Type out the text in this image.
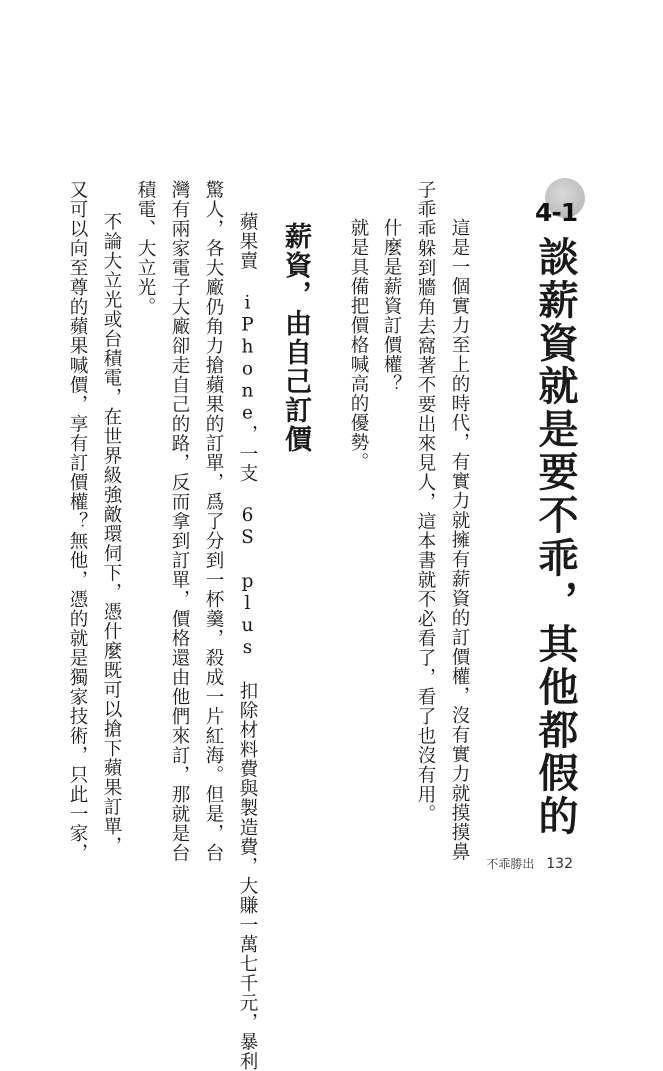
4-1
談薪資就是要不乖，其他都假的
這是一個實力至上的時代，有實力就擁有薪資的訂價權，沒有實力就摸摸鼻
子乖乖躲到牆角去窩著不要出來見人，這本書就不必看了，看了也沒有用。
什麼是薪資訂價權？
就是具備把價格喊高的優勢。
薪資，由自己訂價
蘋果賣 iPhone，一支 6S plus 扣除材料費與製造費，大賺一萬七千元，暴利
驚人，各大廠仍角力搶蘋果的訂單，爲了分到一杯羹，殺成一片紅海。但是，台
灣有兩家電子大廠卻走自己的路，反而拿到訂單，價格還由他們來訂，那就是台
積電、大立光。
不論大立光或台積電，在世界級強敵環伺下，憑什麼既可以搶下蘋果訂單，
又可以向至尊的蘋果喊價，享有訂價權？無他，憑的就是獨家技術，只此一家，
不乖勝出 132
